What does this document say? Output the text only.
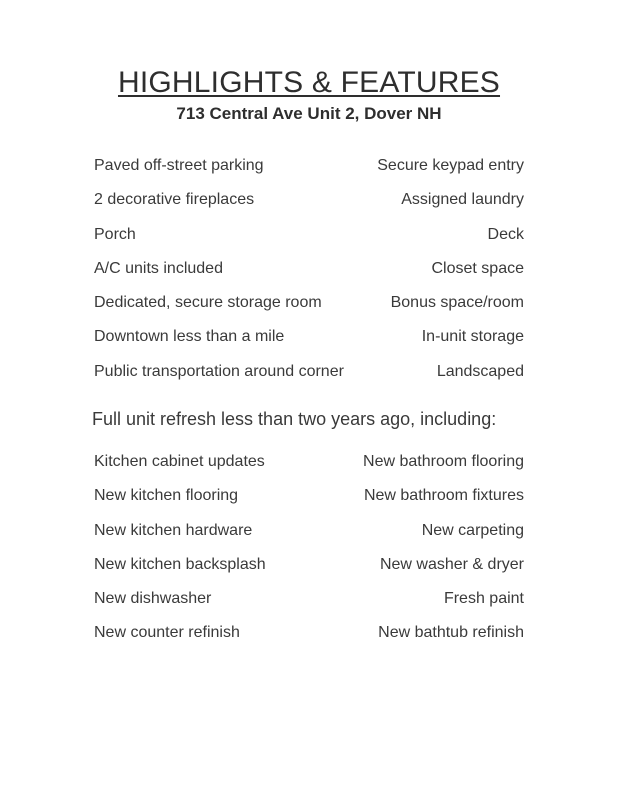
HIGHLIGHTS & FEATURES
713 Central Ave Unit 2, Dover NH
Paved off-street parking	Secure keypad entry
2 decorative fireplaces	Assigned laundry
Porch	Deck
A/C units included	Closet space
Dedicated, secure storage room	Bonus space/room
Downtown less than a mile	In-unit storage
Public transportation around corner	Landscaped
Full unit refresh less than two years ago, including:
Kitchen cabinet updates	New bathroom flooring
New kitchen flooring	New bathroom fixtures
New kitchen hardware	New carpeting
New kitchen backsplash	New washer & dryer
New dishwasher	Fresh paint
New counter refinish	New bathtub refinish
